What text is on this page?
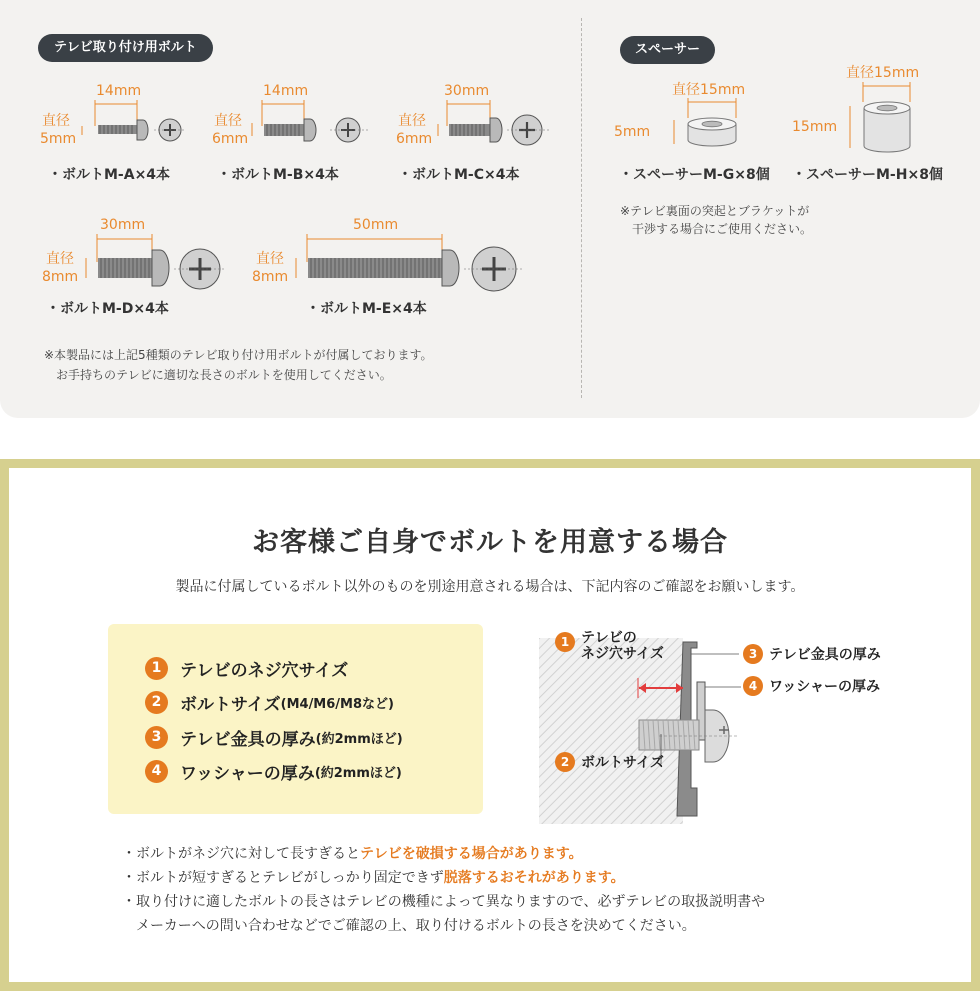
テレビ取り付け用ボルト	スペーサー
14mm
直径
5mm
・ボルトM-A×4本
14mm
直径
6mm
・ボルトM-B×4本
30mm
直径
6mm
・ボルトM-C×4本
30mm
直径
8mm
・ボルトM-D×4本
50mm
直径
8mm
・ボルトM-E×4本
※本製品には上記5種類のテレビ取り付け用ボルトが付属しております。
　お手持ちのテレビに適切な長さのボルトを使用してください。
直径15mm
5mm
・スペーサーM-G×8個
直径15mm
15mm
・スペーサーM-H×8個
※テレビ裏面の突起とブラケットが
　干渉する場合にご使用ください。
お客様ご自身でボルトを用意する場合
製品に付属しているボルト以外のものを別途用意される場合は、下記内容のご確認をお願いします。
1	テレビのネジ穴サイズ
2	ボルトサイズ (M4/M6/M8など)
3	テレビ金具の厚み (約2mmほど)
4	ワッシャーの厚み (約2mmほど)
1 テレビの
ネジ穴サイズ	3 テレビ金具の厚み
4 ワッシャーの厚み
2 ボルトサイズ
・ボルトがネジ穴に対して長すぎるとテレビを破損する場合があります。
・ボルトが短すぎるとテレビがしっかり固定できず脱落するおそれがあります。
・取り付けに適したボルトの長さはテレビの機種によって異なりますので、必ずテレビの取扱説明書や
　メーカーへの問い合わせなどでご確認の上、取り付けるボルトの長さを決めてください。
